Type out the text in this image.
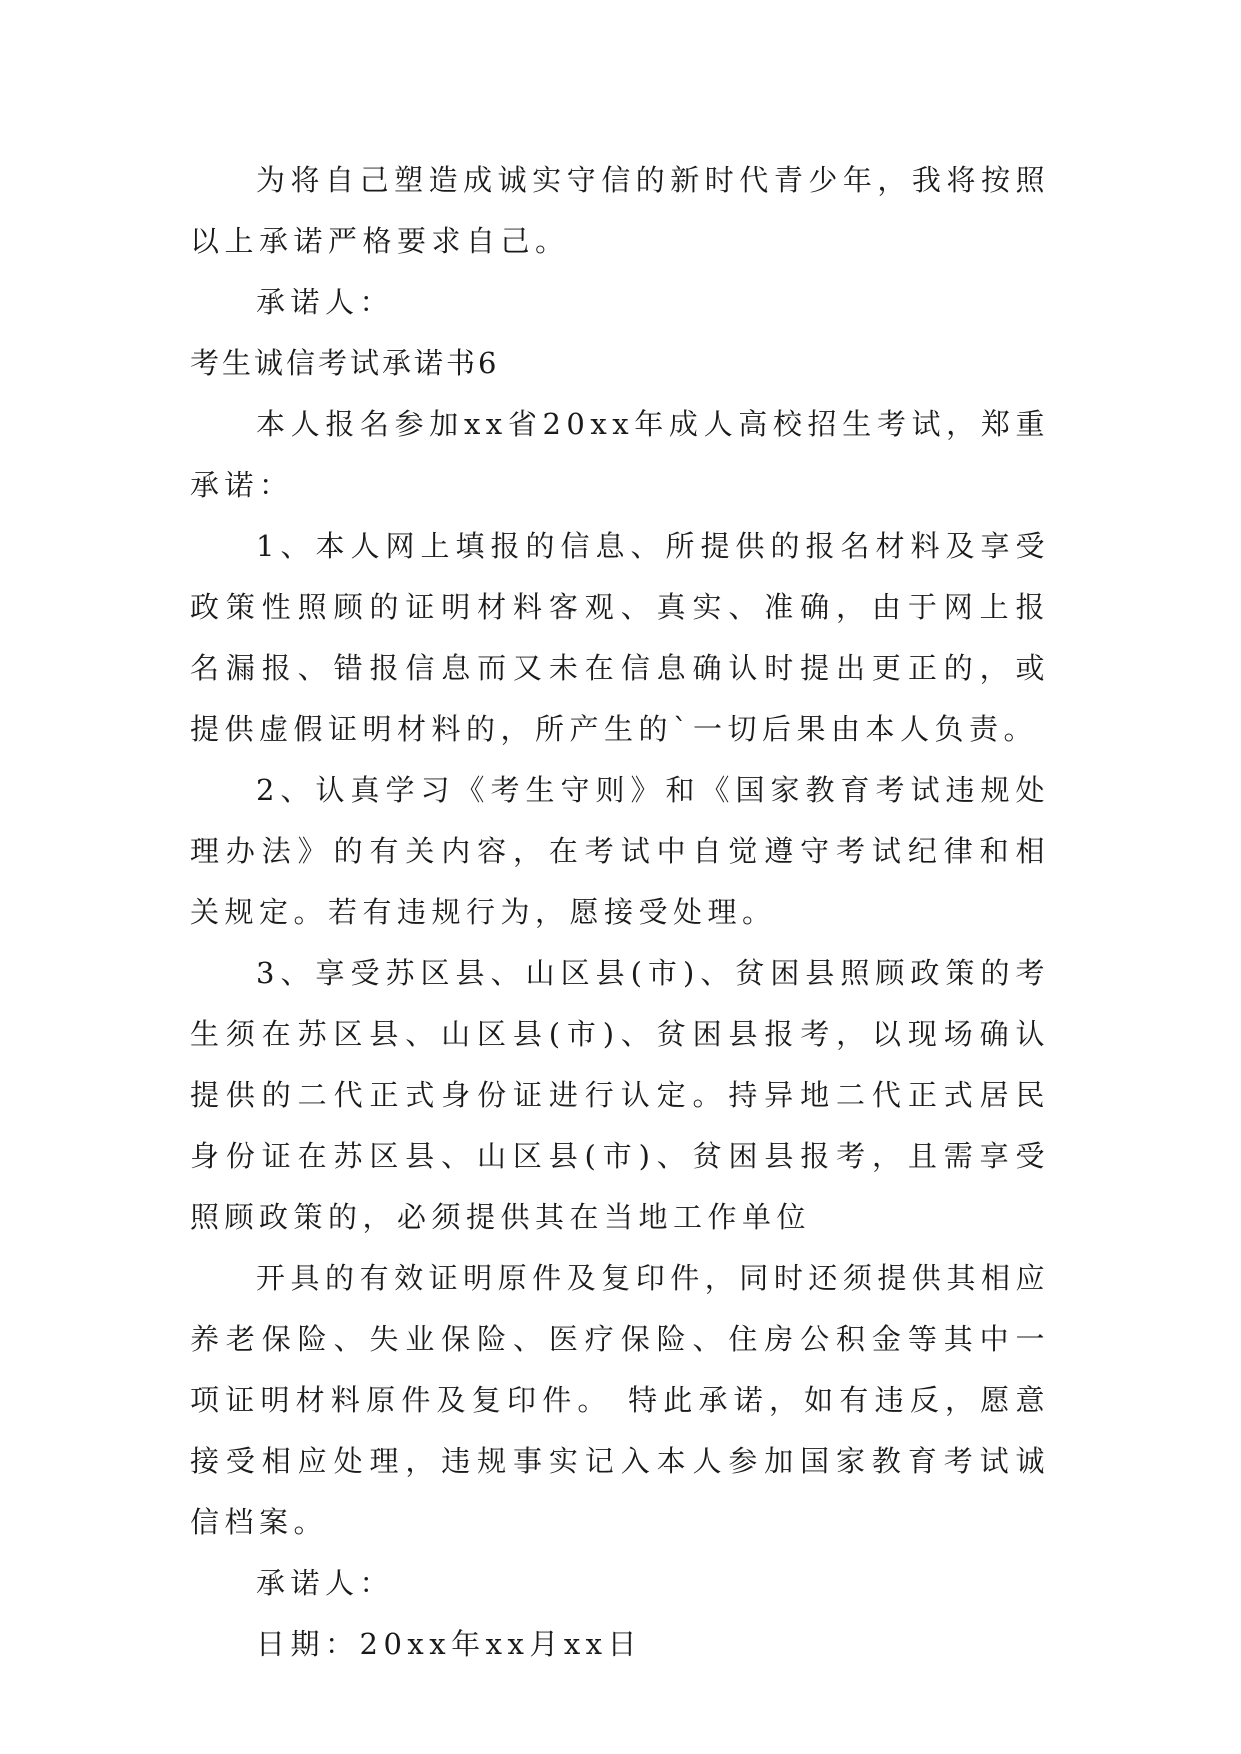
为将自己塑造成诚实守信的新时代青少年，我将按照以上承诺严格要求自己。

承诺人：

考生诚信考试承诺书6

本人报名参加xx省20xx年成人高校招生考试，郑重承诺：

1、本人网上填报的信息、所提供的报名材料及享受政策性照顾的证明材料客观、真实、准确，由于网上报名漏报、错报信息而又未在信息确认时提出更正的，或提供虚假证明材料的，所产生的`一切后果由本人负责。

2、认真学习《考生守则》和《国家教育考试违规处理办法》的有关内容，在考试中自觉遵守考试纪律和相关规定。若有违规行为，愿接受处理。

3、享受苏区县、山区县(市)、贫困县照顾政策的考生须在苏区县、山区县(市)、贫困县报考，以现场确认提供的二代正式身份证进行认定。持异地二代正式居民身份证在苏区县、山区县(市)、贫困县报考，且需享受照顾政策的，必须提供其在当地工作单位

开具的有效证明原件及复印件，同时还须提供其相应养老保险、失业保险、医疗保险、住房公积金等其中一项证明材料原件及复印件。 特此承诺，如有违反，愿意接受相应处理，违规事实记入本人参加国家教育考试诚信档案。

承诺人：

日期：20xx年xx月xx日
